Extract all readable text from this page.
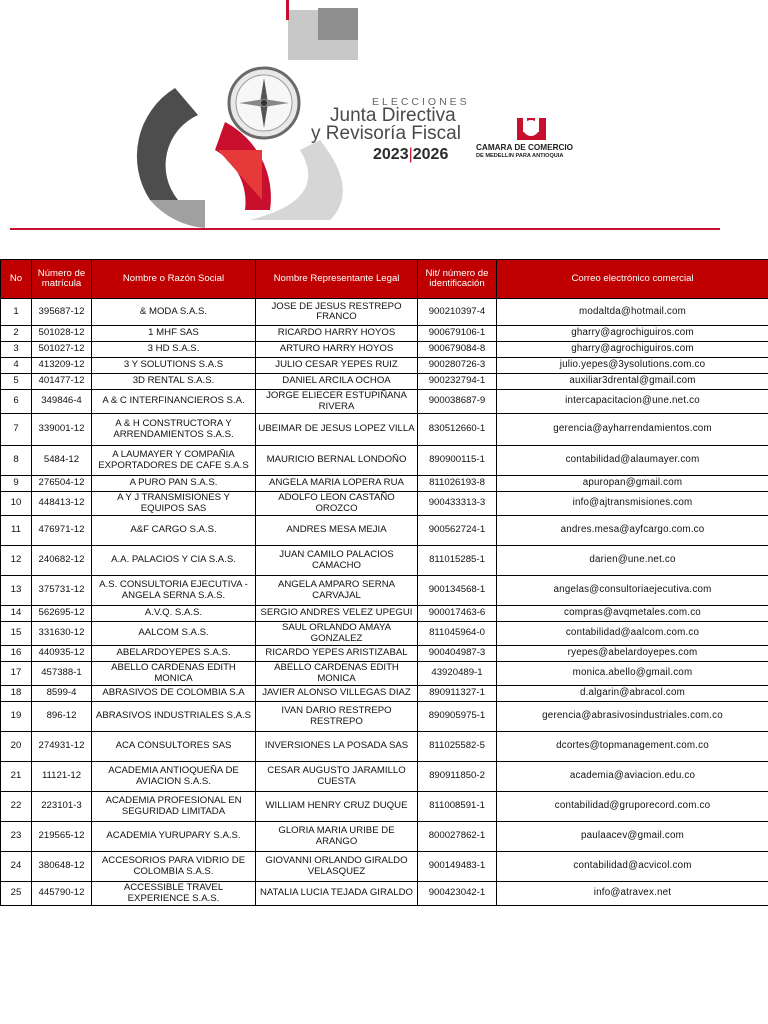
ELECCIONES
Junta Directiva
y Revisoría Fiscal
2023|2026	CAMARA DE COMERCIO
DE MEDELLIN PARA ANTIOQUIA
No	Número de matrícula	Nombre o Razón Social	Nombre Representante Legal	Nit/ número de identificación	Correo electrónico comercial
1	395687-12	& MODA S.A.S.	JOSE DE JESUS RESTREPO FRANCO	900210397-4	modaltda@hotmail.com
2	501028-12	1 MHF SAS	RICARDO HARRY HOYOS	900679106-1	gharry@agrochiguiros.com
3	501027-12	3 HD S.A.S.	ARTURO HARRY HOYOS	900679084-8	gharry@agrochiguiros.com
4	413209-12	3 Y SOLUTIONS S.A.S	JULIO CESAR YEPES RUIZ	900280726-3	julio.yepes@3ysolutions.com.co
5	401477-12	3D RENTAL S.A.S.	DANIEL ARCILA OCHOA	900232794-1	auxiliar3drental@gmail.com
6	349846-4	A & C INTERFINANCIEROS S.A.	JORGE ELIECER ESTUPIÑANA RIVERA	900038687-9	intercapacitacion@une.net.co
7	339001-12	A & H CONSTRUCTORA Y ARRENDAMIENTOS S.A.S.	UBEIMAR DE JESUS LOPEZ VILLA	830512660-1	gerencia@ayharrendamientos.com
8	5484-12	A LAUMAYER Y COMPAÑIA EXPORTADORES DE CAFE S.A.S	MAURICIO BERNAL LONDOÑO	890900115-1	contabilidad@alaumayer.com
9	276504-12	A PURO PAN S.A.S.	ANGELA MARIA LOPERA RUA	811026193-8	apuropan@gmail.com
10	448413-12	A Y J TRANSMISIONES Y EQUIPOS SAS	ADOLFO LEON CASTAÑO OROZCO	900433313-3	info@ajtransmisiones.com
11	476971-12	A&F CARGO S.A.S.	ANDRES MESA MEJIA	900562724-1	andres.mesa@ayfcargo.com.co
12	240682-12	A.A. PALACIOS Y CIA S.A.S.	JUAN CAMILO PALACIOS CAMACHO	811015285-1	darien@une.net.co
13	375731-12	A.S. CONSULTORIA EJECUTIVA - ANGELA SERNA S.A.S.	ANGELA AMPARO SERNA CARVAJAL	900134568-1	angelas@consultoriaejecutiva.com
14	562695-12	A.V.Q. S.A.S.	SERGIO ANDRES VELEZ UPEGUI	900017463-6	compras@avqmetales.com.co
15	331630-12	AALCOM S.A.S.	SAUL ORLANDO AMAYA GONZALEZ	811045964-0	contabilidad@aalcom.com.co
16	440935-12	ABELARDOYEPES S.A.S.	RICARDO YEPES ARISTIZABAL	900404987-3	ryepes@abelardoyepes.com
17	457388-1	ABELLO CARDENAS EDITH MONICA	ABELLO CARDENAS EDITH MONICA	43920489-1	monica.abello@gmail.com
18	8599-4	ABRASIVOS DE COLOMBIA S.A	JAVIER ALONSO VILLEGAS DIAZ	890911327-1	d.algarin@abracol.com
19	896-12	ABRASIVOS INDUSTRIALES S.A.S	IVAN DARIO RESTREPO RESTREPO	890905975-1	gerencia@abrasivosindustriales.com.co
20	274931-12	ACA CONSULTORES SAS	INVERSIONES LA POSADA SAS	811025582-5	dcortes@topmanagement.com.co
21	11121-12	ACADEMIA ANTIOQUEÑA DE AVIACION S.A.S.	CESAR AUGUSTO JARAMILLO CUESTA	890911850-2	academia@aviacion.edu.co
22	223101-3	ACADEMIA PROFESIONAL EN SEGURIDAD LIMITADA	WILLIAM HENRY CRUZ DUQUE	811008591-1	contabilidad@gruporecord.com.co
23	219565-12	ACADEMIA YURUPARY S.A.S.	GLORIA MARIA URIBE DE ARANGO	800027862-1	paulaacev@gmail.com
24	380648-12	ACCESORIOS PARA VIDRIO DE COLOMBIA S.A.S.	GIOVANNI ORLANDO GIRALDO VELASQUEZ	900149483-1	contabilidad@acvicol.com
25	445790-12	ACCESSIBLE TRAVEL EXPERIENCE S.A.S.	NATALIA LUCIA TEJADA GIRALDO	900423042-1	info@atravex.net
